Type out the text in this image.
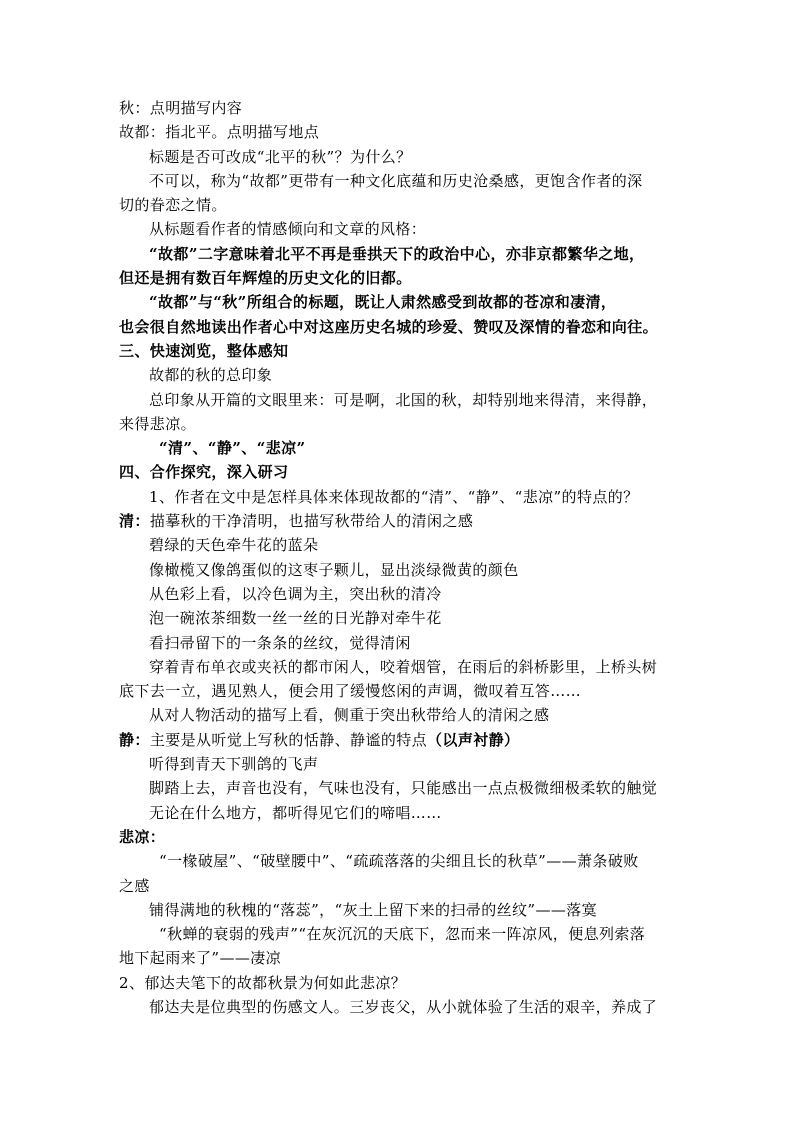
秋：点明描写内容
故都：指北平。点明描写地点
标题是否可改成“北平的秋”？为什么？
不可以，称为“故都”更带有一种文化底蕴和历史沧桑感，更饱含作者的深
切的眷恋之情。
从标题看作者的情感倾向和文章的风格：
“故都”二字意味着北平不再是垂拱天下的政治中心，亦非京都繁华之地，
但还是拥有数百年辉煌的历史文化的旧都。
“故都”与“秋”所组合的标题，既让人肃然感受到故都的苍凉和凄清，
也会很自然地读出作者心中对这座历史名城的珍爱、赞叹及深情的眷恋和向往。
三、快速浏览，整体感知
故都的秋的总印象
总印象从开篇的文眼里来：可是啊，北国的秋，却特别地来得清，来得静，
来得悲凉。
“清”、“静”、“悲凉”
四、合作探究，深入研习
1、作者在文中是怎样具体来体现故都的“清”、“静”、“悲凉”的特点的？
清：描摹秋的干净清明，也描写秋带给人的清闲之感
碧绿的天色牵牛花的蓝朵
像橄榄又像鸽蛋似的这枣子颗儿，显出淡绿微黄的颜色
从色彩上看，以冷色调为主，突出秋的清冷
泡一碗浓茶细数一丝一丝的日光静对牵牛花
看扫帚留下的一条条的丝纹，觉得清闲
穿着青布单衣或夹袄的都市闲人，咬着烟管，在雨后的斜桥影里，上桥头树
底下去一立，遇见熟人，便会用了缓慢悠闲的声调，微叹着互答……
从对人物活动的描写上看，侧重于突出秋带给人的清闲之感
静：主要是从听觉上写秋的恬静、静谧的特点（以声衬静）
听得到青天下驯鸽的飞声
脚踏上去，声音也没有，气味也没有，只能感出一点点极微细极柔软的触觉
无论在什么地方，都听得见它们的啼唱……
悲凉：
“一椽破屋”、“破壁腰中”、“疏疏落落的尖细且长的秋草”——萧条破败
之感
铺得满地的秋槐的“落蕊”，“灰土上留下来的扫帚的丝纹”——落寞
“秋蝉的衰弱的残声”“在灰沉沉的天底下，忽而来一阵凉风，便息列索落
地下起雨来了”——凄凉
2、郁达夫笔下的故都秋景为何如此悲凉？
郁达夫是位典型的伤感文人。三岁丧父，从小就体验了生活的艰辛，养成了
